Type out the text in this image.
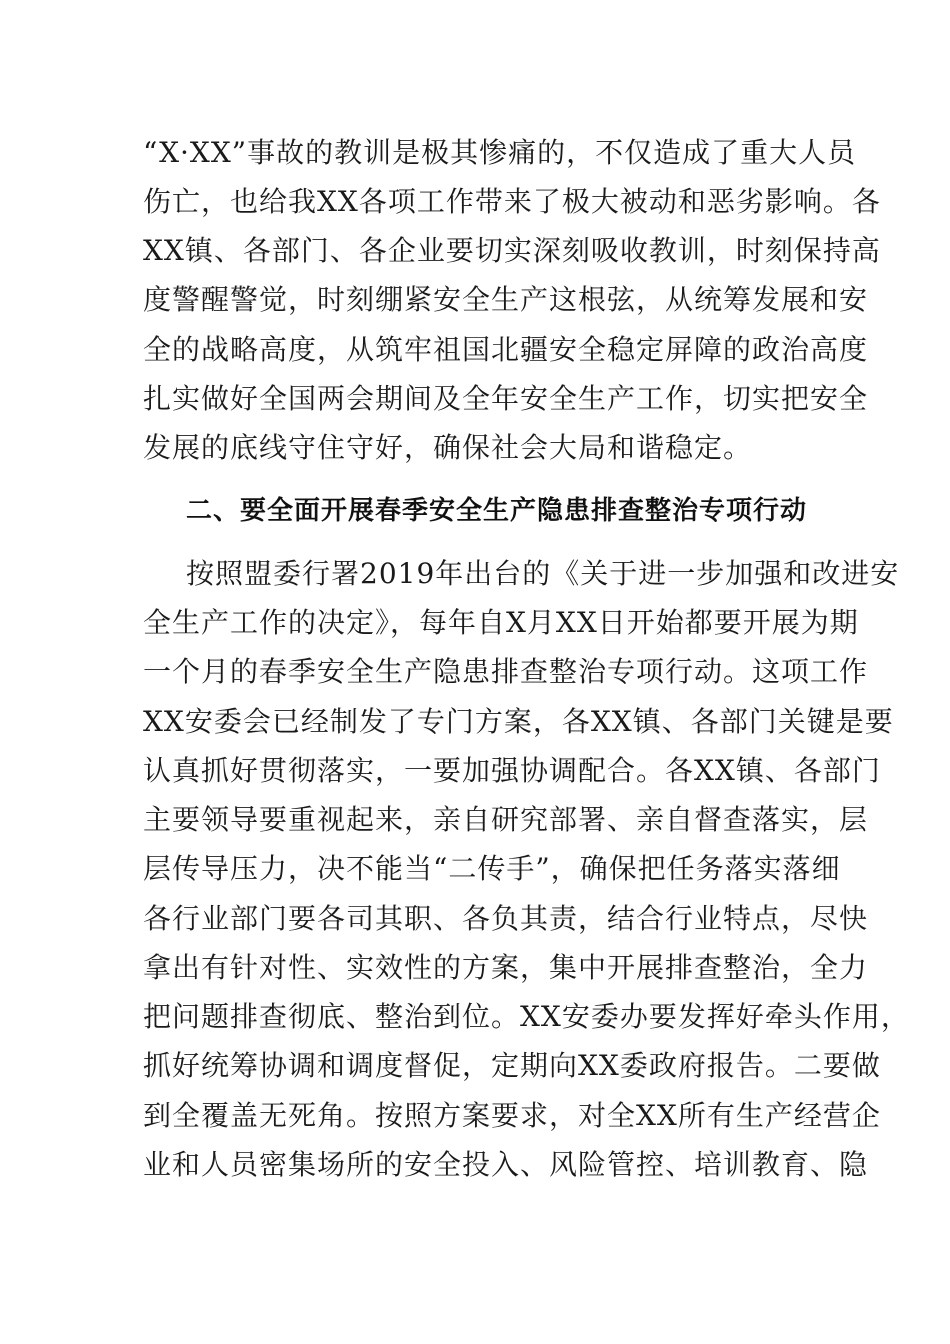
“X·XX”事故的教训是极其惨痛的，不仅造成了重大人员
伤亡，也给我XX各项工作带来了极大被动和恶劣影响。各
XX镇、各部门、各企业要切实深刻吸收教训，时刻保持高
度警醒警觉，时刻绷紧安全生产这根弦，从统筹发展和安
全的战略高度，从筑牢祖国北疆安全稳定屏障的政治高度
扎实做好全国两会期间及全年安全生产工作，切实把安全
发展的底线守住守好，确保社会大局和谐稳定。
二、要全面开展春季安全生产隐患排查整治专项行动
按照盟委行署2019年出台的《关于进一步加强和改进安
全生产工作的决定》，每年自X月XX日开始都要开展为期
一个月的春季安全生产隐患排查整治专项行动。这项工作
XX安委会已经制发了专门方案，各XX镇、各部门关键是要
认真抓好贯彻落实，一要加强协调配合。各XX镇、各部门
主要领导要重视起来，亲自研究部署、亲自督查落实，层
层传导压力，决不能当“二传手”，确保把任务落实落细
各行业部门要各司其职、各负其责，结合行业特点，尽快
拿出有针对性、实效性的方案，集中开展排查整治，全力
把问题排查彻底、整治到位。XX安委办要发挥好牵头作用，
抓好统筹协调和调度督促，定期向XX委政府报告。二要做
到全覆盖无死角。按照方案要求，对全XX所有生产经营企
业和人员密集场所的安全投入、风险管控、培训教育、隐
